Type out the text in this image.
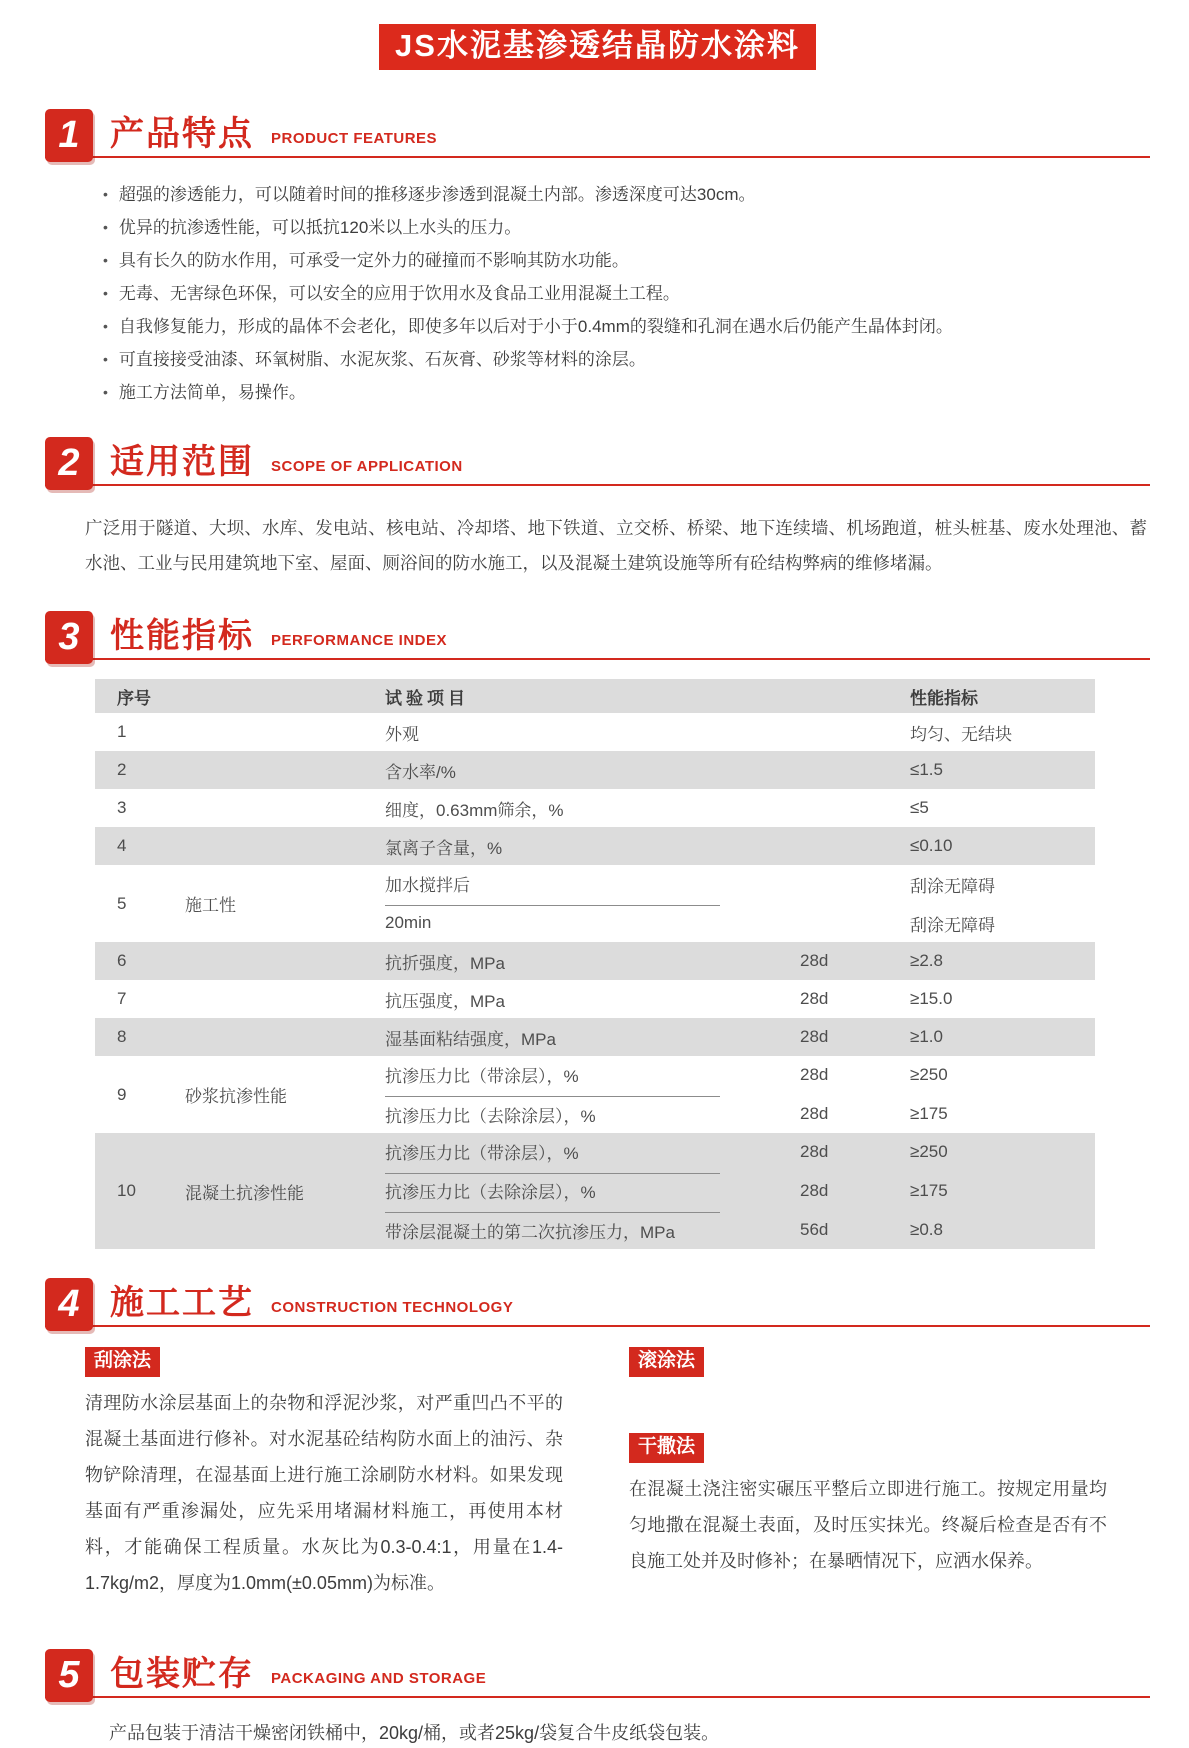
JS水泥基渗透结晶防水涂料
1 产品特点 PRODUCT FEATURES
• 超强的渗透能力，可以随着时间的推移逐步渗透到混凝土内部。渗透深度可达30cm。
• 优异的抗渗透性能，可以抵抗120米以上水头的压力。
• 具有长久的防水作用，可承受一定外力的碰撞而不影响其防水功能。
• 无毒、无害绿色环保，可以安全的应用于饮用水及食品工业用混凝土工程。
• 自我修复能力，形成的晶体不会老化，即使多年以后对于小于0.4mm的裂缝和孔洞在遇水后仍能产生晶体封闭。
• 可直接接受油漆、环氧树脂、水泥灰浆、石灰膏、砂浆等材料的涂层。
• 施工方法简单，易操作。
2 适用范围 SCOPE OF APPLICATION

广泛用于隧道、大坝、水库、发电站、核电站、冷却塔、地下铁道、立交桥、桥梁、地下连续墙、机场跑道，桩头桩基、废水处理池、蓄水池、工业与民用建筑地下室、屋面、厕浴间的防水施工，以及混凝土建筑设施等所有砼结构弊病的维修堵漏。

3 性能指标 PERFORMANCE INDEX
序号	试验项目	性能指标
1	外观	均匀、无结块
2	含水率/%	≤1.5
3	细度，0.63mm筛余，%	≤5
4	氯离子含量，%	≤0.10
5	施工性
加水搅拌后	刮涂无障碍
20min	刮涂无障碍
6	抗折强度，MPa	28d	≥2.8
7	抗压强度，MPa	28d	≥15.0
8	湿基面粘结强度，MPa	28d	≥1.0
9	砂浆抗渗性能
抗渗压力比（带涂层），%	28d	≥250
抗渗压力比（去除涂层），%	28d	≥175
10	混凝土抗渗性能
抗渗压力比（带涂层），%	28d	≥250
抗渗压力比（去除涂层），%	28d	≥175
带涂层混凝土的第二次抗渗压力，MPa	56d	≥0.8
4 施工工艺 CONSTRUCTION TECHNOLOGY
刮涂法

清理防水涂层基面上的杂物和浮泥沙浆，对严重凹凸不平的混凝土基面进行修补。对水泥基砼结构防水面上的油污、杂物铲除清理，在湿基面上进行施工涂刷防水材料。如果发现基面有严重渗漏处，应先采用堵漏材料施工，再使用本材料，才能确保工程质量。水灰比为0.3-0.4:1，用量在1.4-1.7kg/m2，厚度为1.0mm(±0.05mm)为标准。

滚涂法
干撒法

在混凝土浇注密实碾压平整后立即进行施工。按规定用量均匀地撒在混凝土表面，及时压实抹光。终凝后检查是否有不良施工处并及时修补；在暴晒情况下，应洒水保养。

5 包装贮存 PACKAGING AND STORAGE

产品包装于清洁干燥密闭铁桶中，20kg/桶，或者25kg/袋复合牛皮纸袋包装。
